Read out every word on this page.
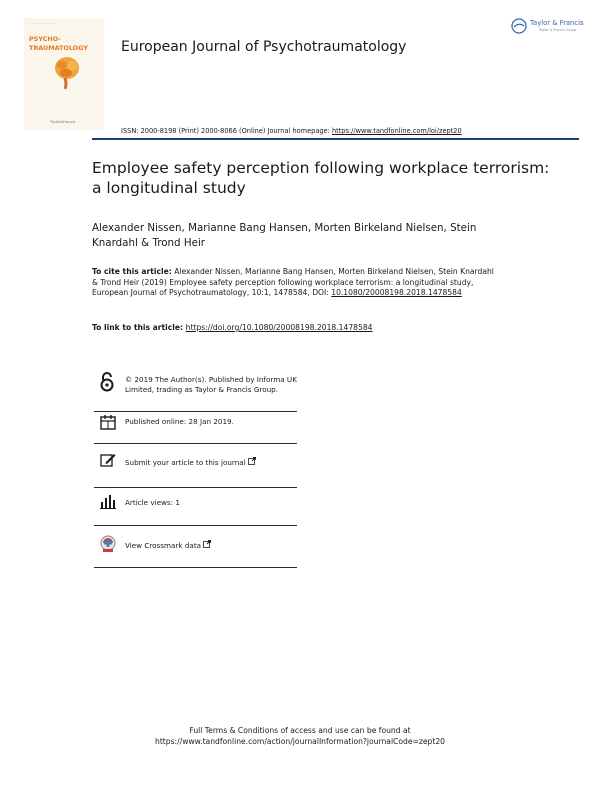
— — — — — — —
PSYCHO-
TRAUMATOLOGY
Taylor&Francis
European Journal of Psychotraumatology
Taylor & Francis
Taylor & Francis Group
ISSN: 2000-8198 (Print) 2000-8066 (Online) Journal homepage: https://www.tandfonline.com/loi/zept20
Employee safety perception following workplace terrorism: a longitudinal study
Alexander Nissen, Marianne Bang Hansen, Morten Birkeland Nielsen, Stein Knardahl & Trond Heir
To cite this article: Alexander Nissen, Marianne Bang Hansen, Morten Birkeland Nielsen, Stein Knardahl & Trond Heir (2019) Employee safety perception following workplace terrorism: a longitudinal study, European Journal of Psychotraumatology, 10:1, 1478584, DOI: 10.1080/20008198.2018.1478584
To link to this article: https://doi.org/10.1080/20008198.2018.1478584
© 2019 The Author(s). Published by Informa UK Limited, trading as Taylor & Francis Group.
Published online: 28 Jan 2019.
Submit your article to this journal
Article views: 1
View Crossmark data
Full Terms & Conditions of access and use can be found at
https://www.tandfonline.com/action/journalInformation?journalCode=zept20
